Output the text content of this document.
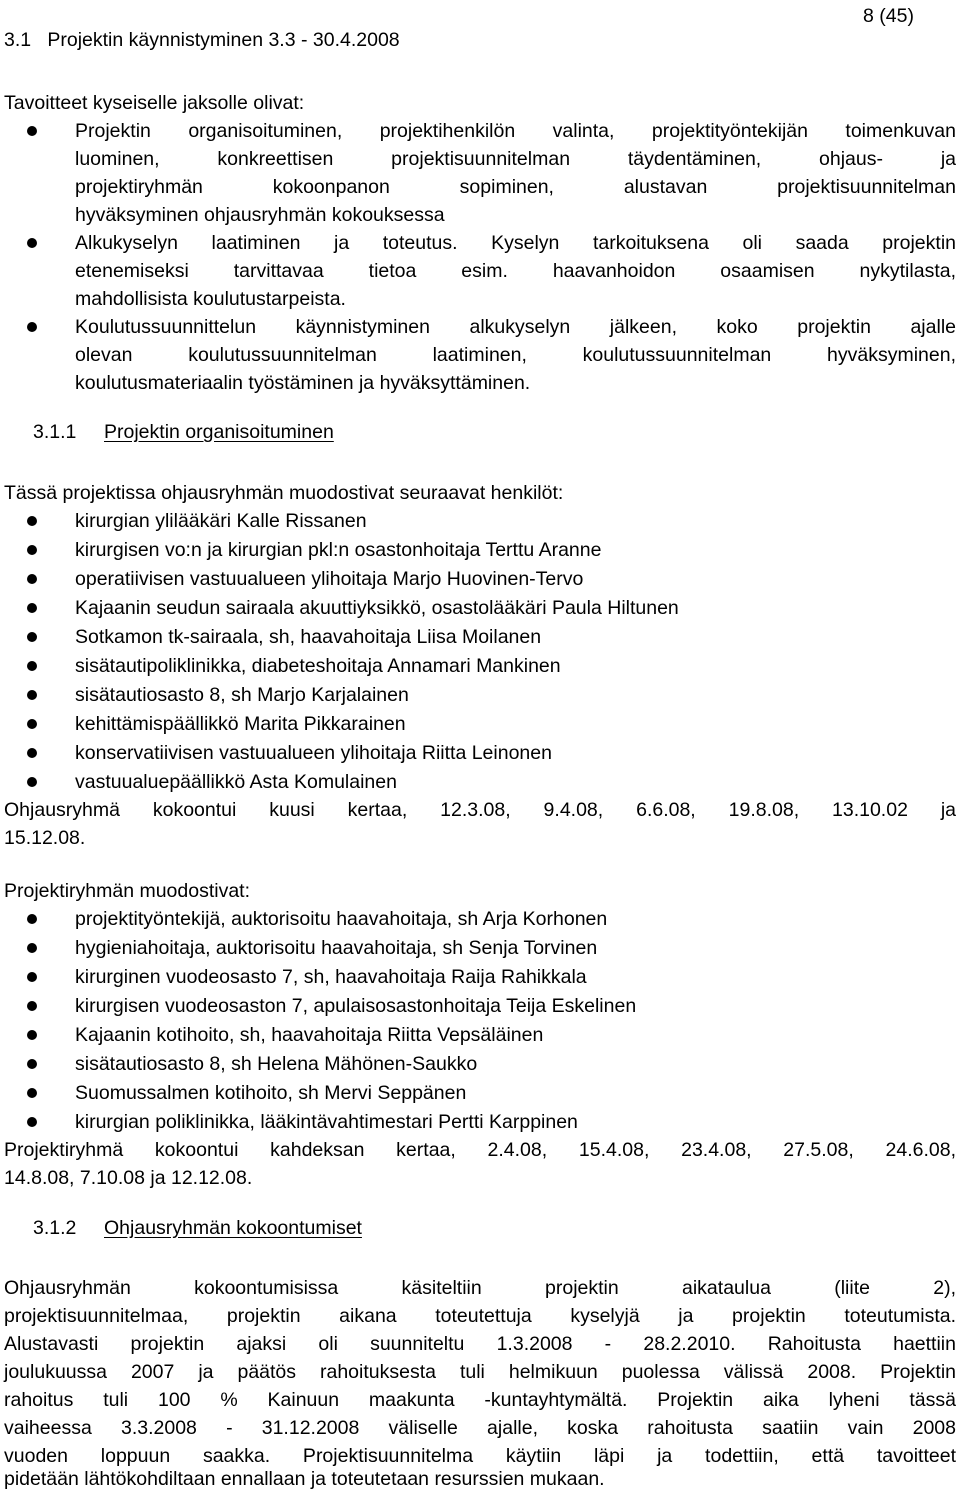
8 (45)
3.1   Projektin käynnistyminen 3.3 - 30.4.2008
Tavoitteet kyseiselle jaksolle olivat:
Projektin organisoituminen, projektihenkilön valinta, projektityöntekijän toimenkuvan
luominen, konkreettisen projektisuunnitelman täydentäminen, ohjaus- ja
projektiryhmän kokoonpanon sopiminen, alustavan projektisuunnitelman
hyväksyminen ohjausryhmän kokouksessa
Alkukyselyn laatiminen ja toteutus. Kyselyn tarkoituksena oli saada projektin
etenemiseksi tarvittavaa tietoa esim. haavanhoidon osaamisen nykytilasta,
mahdollisista koulutustarpeista.
Koulutussuunnittelun käynnistyminen alkukyselyn jälkeen, koko projektin ajalle
olevan koulutussuunnitelman laatiminen, koulutussuunnitelman hyväksyminen,
koulutusmateriaalin työstäminen ja hyväksyttäminen.
3.1.1 Projektin organisoituminen
Tässä projektissa ohjausryhmän muodostivat seuraavat henkilöt:
kirurgian ylilääkäri Kalle Rissanen
kirurgisen vo:n ja kirurgian pkl:n osastonhoitaja Terttu Aranne
operatiivisen vastuualueen ylihoitaja Marjo Huovinen-Tervo
Kajaanin seudun sairaala akuuttiyksikkö, osastolääkäri Paula Hiltunen
Sotkamon tk-sairaala, sh, haavahoitaja Liisa Moilanen
sisätautipoliklinikka, diabeteshoitaja Annamari Mankinen
sisätautiosasto 8, sh Marjo Karjalainen
kehittämispäällikkö Marita Pikkarainen
konservatiivisen vastuualueen ylihoitaja Riitta Leinonen
vastuualuepäällikkö Asta Komulainen
Ohjausryhmä kokoontui kuusi kertaa, 12.3.08, 9.4.08, 6.6.08, 19.8.08, 13.10.02 ja
15.12.08.
Projektiryhmän muodostivat:
projektityöntekijä, auktorisoitu haavahoitaja, sh Arja Korhonen
hygieniahoitaja, auktorisoitu haavahoitaja, sh Senja Torvinen
kirurginen vuodeosasto 7, sh, haavahoitaja Raija Rahikkala
kirurgisen vuodeosaston 7, apulaisosastonhoitaja Teija Eskelinen
Kajaanin kotihoito, sh, haavahoitaja Riitta Vepsäläinen
sisätautiosasto 8, sh Helena Mähönen-Saukko
Suomussalmen kotihoito, sh Mervi Seppänen
kirurgian poliklinikka, lääkintävahtimestari Pertti Karppinen
Projektiryhmä kokoontui kahdeksan kertaa, 2.4.08, 15.4.08, 23.4.08, 27.5.08, 24.6.08,
14.8.08, 7.10.08 ja 12.12.08.
3.1.2 Ohjausryhmän kokoontumiset
Ohjausryhmän kokoontumisissa käsiteltiin projektin aikataulua (liite 2),
projektisuunnitelmaa, projektin aikana toteutettuja kyselyjä ja projektin toteutumista.
Alustavasti projektin ajaksi oli suunniteltu 1.3.2008 - 28.2.2010. Rahoitusta haettiin
joulukuussa 2007 ja päätös rahoituksesta tuli helmikuun puolessa välissä 2008. Projektin
rahoitus tuli 100 % Kainuun maakunta -kuntayhtymältä. Projektin aika lyheni tässä
vaiheessa 3.3.2008 - 31.12.2008 väliselle ajalle, koska rahoitusta saatiin vain 2008
vuoden loppuun saakka. Projektisuunnitelma käytiin läpi ja todettiin, että tavoitteet
pidetään lähtökohdiltaan ennallaan ja toteutetaan resurssien mukaan.
